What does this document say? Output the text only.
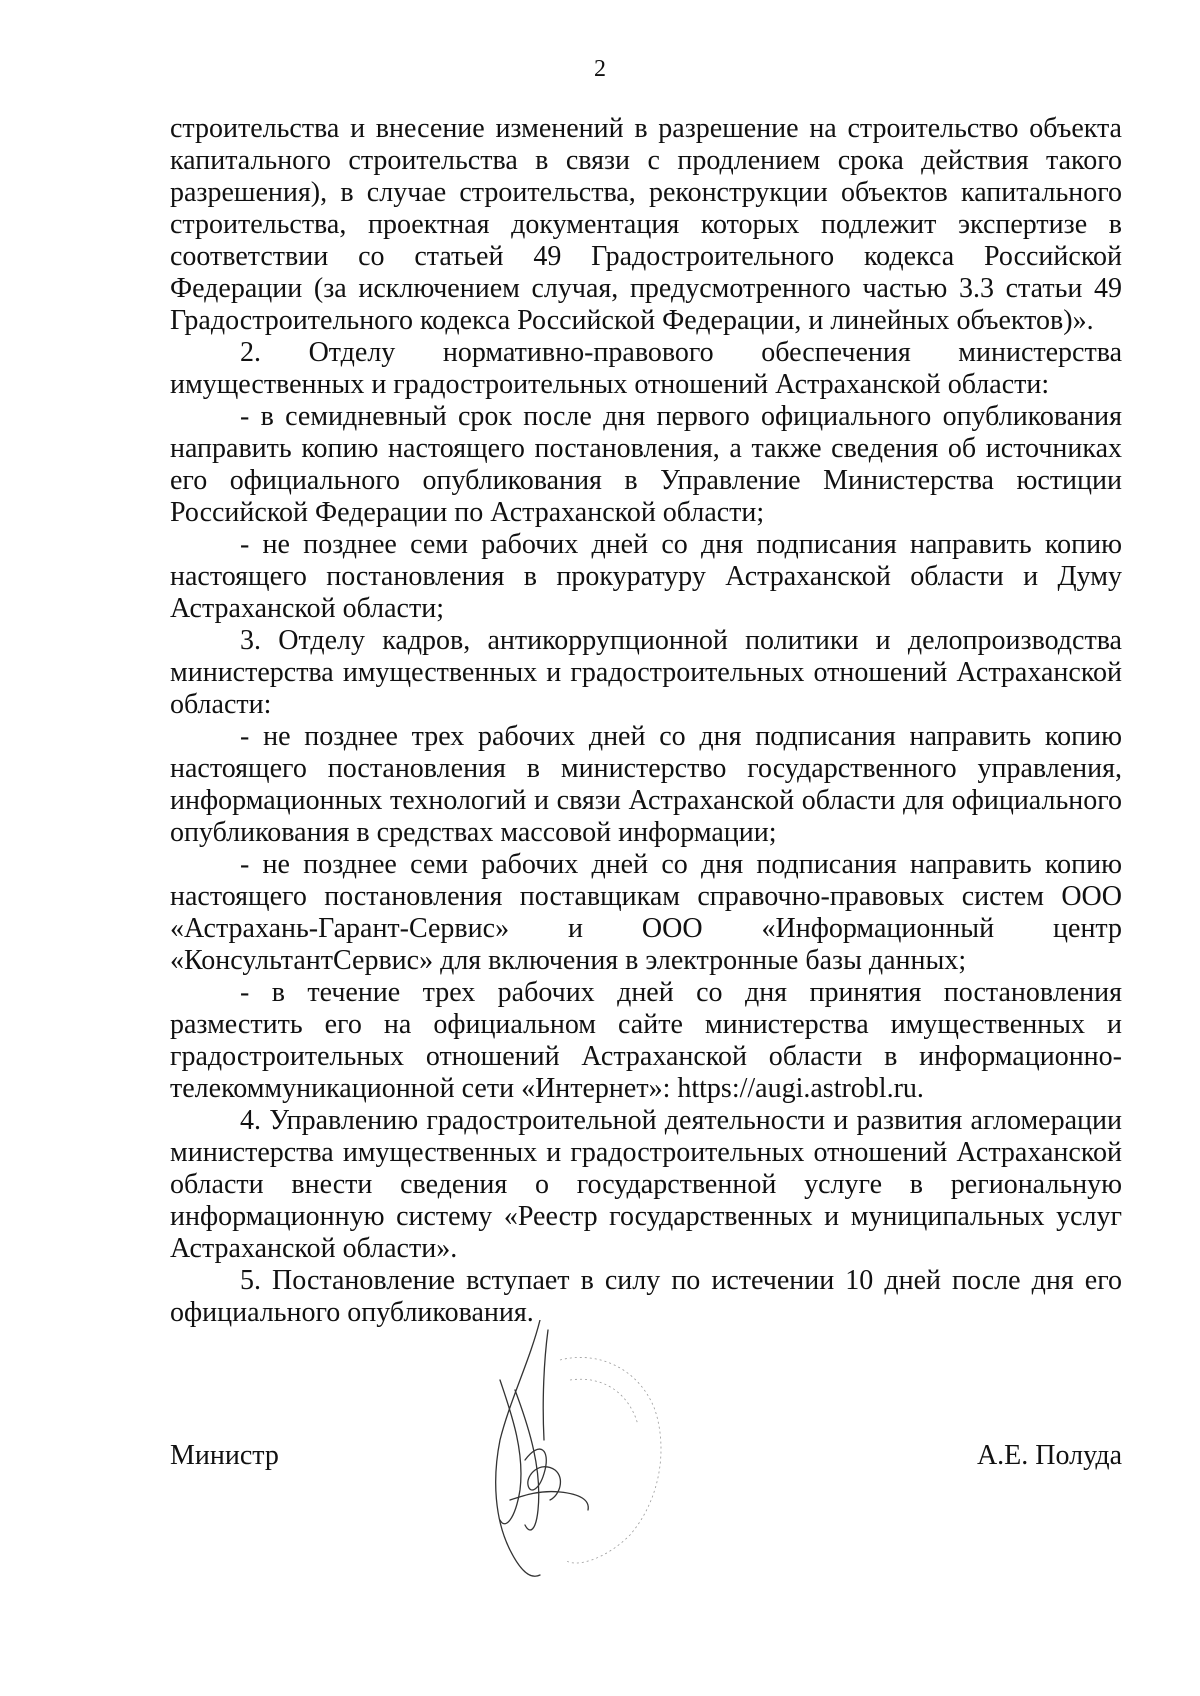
2

строительства и внесение изменений в разрешение на строительство объекта капитального строительства в связи с продлением срока действия такого разрешения), в случае строительства, реконструкции объектов капитального строительства, проектная документация которых подлежит экспертизе в соответствии со статьей 49 Градостроительного кодекса Российской Федерации (за исключением случая, предусмотренного частью 3.3 статьи 49 Градостроительного кодекса Российской Федерации, и линейных объектов)».

2. Отделу нормативно-правового обеспечения министерства имущественных и градостроительных отношений Астраханской области:

- в семидневный срок после дня первого официального опубликования направить копию настоящего постановления, а также сведения об источниках его официального опубликования в Управление Министерства юстиции Российской Федерации по Астраханской области;

- не позднее семи рабочих дней со дня подписания направить копию настоящего постановления в прокуратуру Астраханской области и Думу Астраханской области;

3. Отделу кадров, антикоррупционной политики и делопроизводства министерства имущественных и градостроительных отношений Астраханской области:

- не позднее трех рабочих дней со дня подписания направить копию настоящего постановления в министерство государственного управления, информационных технологий и связи Астраханской области для официального опубликования в средствах массовой информации;

- не позднее семи рабочих дней со дня подписания направить копию настоящего постановления поставщикам справочно-правовых систем ООО «Астрахань-Гарант-Сервис» и ООО «Информационный центр «КонсультантСервис» для включения в электронные базы данных;

- в течение трех рабочих дней со дня принятия постановления разместить его на официальном сайте министерства имущественных и градостроительных отношений Астраханской области в информационно-телекоммуникационной сети «Интернет»: https://augi.astrobl.ru.

4. Управлению градостроительной деятельности и развития агломерации министерства имущественных и градостроительных отношений Астраханской области внести сведения о государственной услуге в региональную информационную систему «Реестр государственных и муниципальных услуг Астраханской области».

5. Постановление вступает в силу по истечении 10 дней после дня его официального опубликования.

Министр	А.Е. Полуда
